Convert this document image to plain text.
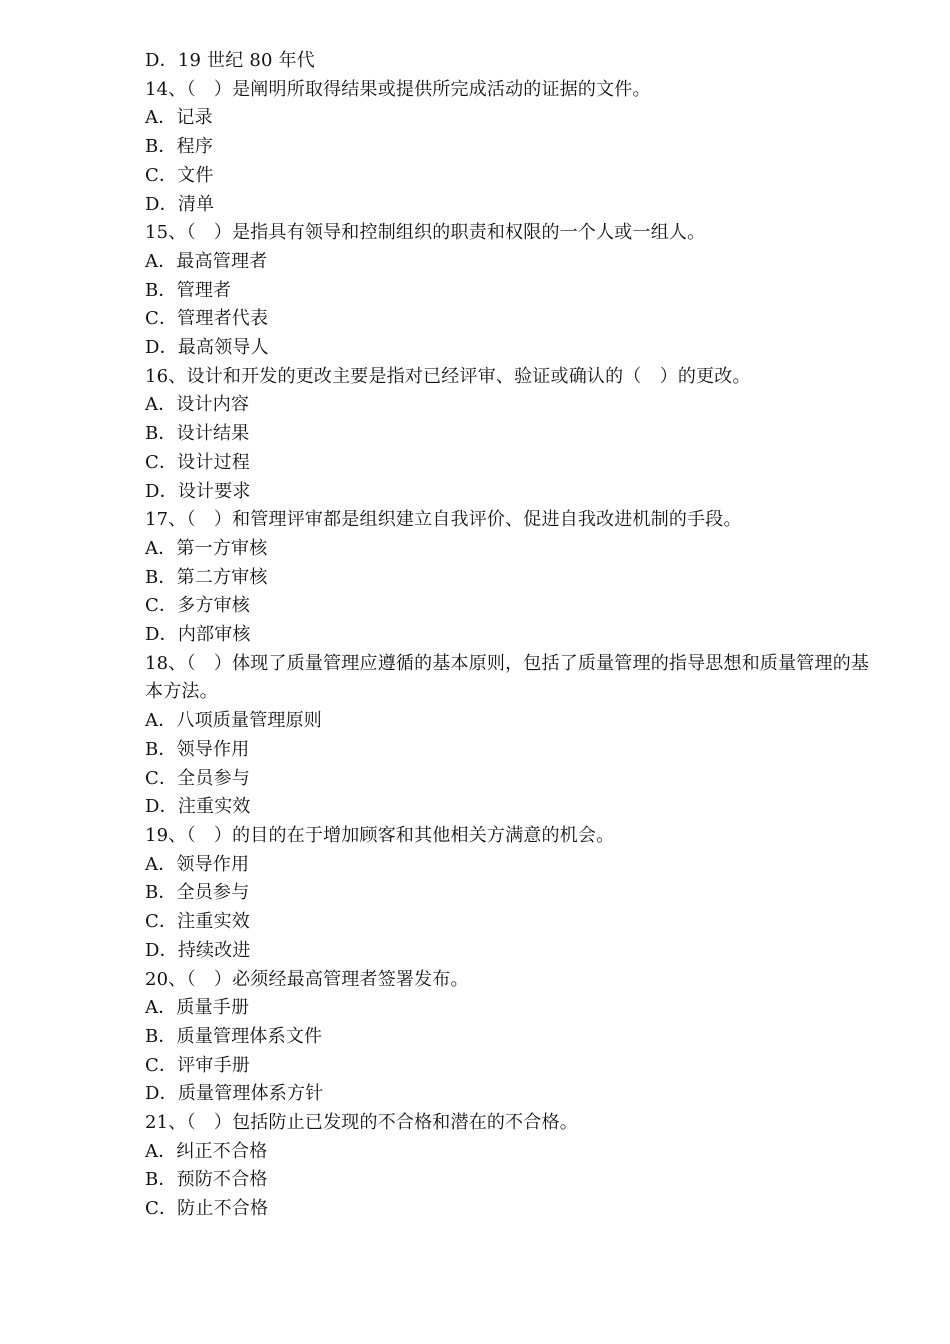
D．19 世纪 80 年代
14、（　）是阐明所取得结果或提供所完成活动的证据的文件。
A．记录
B．程序
C．文件
D．清单
15、（　）是指具有领导和控制组织的职责和权限的一个人或一组人。
A．最高管理者
B．管理者
C．管理者代表
D．最高领导人
16、设计和开发的更改主要是指对已经评审、验证或确认的（　）的更改。
A．设计内容
B．设计结果
C．设计过程
D．设计要求
17、（　）和管理评审都是组织建立自我评价、促进自我改进机制的手段。
A．第一方审核
B．第二方审核
C．多方审核
D．内部审核
18、（　）体现了质量管理应遵循的基本原则，包括了质量管理的指导思想和质量管理的基本方法。
A．八项质量管理原则
B．领导作用
C．全员参与
D．注重实效
19、（　）的目的在于增加顾客和其他相关方满意的机会。
A．领导作用
B．全员参与
C．注重实效
D．持续改进
20、（　）必须经最高管理者签署发布。
A．质量手册
B．质量管理体系文件
C．评审手册
D．质量管理体系方针
21、（　）包括防止已发现的不合格和潜在的不合格。
A．纠正不合格
B．预防不合格
C．防止不合格
